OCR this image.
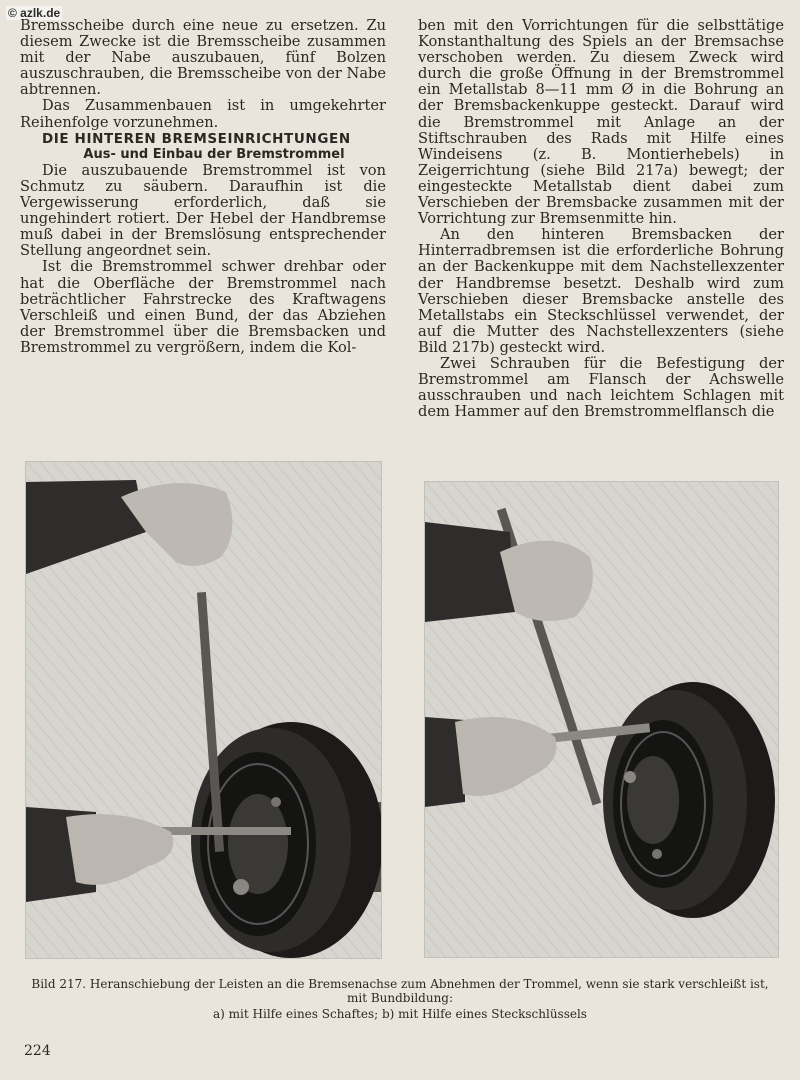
© azlk.de

Bremsscheibe durch eine neue zu ersetzen. Zu diesem Zwecke ist die Bremsscheibe zusammen mit der Nabe auszubauen, fünf Bolzen auszuschrauben, die Bremsscheibe von der Nabe abtrennen.

Das Zusammenbauen ist in umgekehrter Reihenfolge vorzunehmen.

DIE HINTEREN BREMSEINRICHTUNGEN

Aus- und Einbau der Bremstrommel

Die auszubauende Bremstrommel ist von Schmutz zu säubern. Daraufhin ist die Vergewisserung erforderlich, daß sie ungehindert rotiert. Der Hebel der Handbremse muß dabei in der Bremslösung entsprechender Stellung angeordnet sein.

Ist die Bremstrommel schwer drehbar oder hat die Oberfläche der Bremstrommel nach beträchtlicher Fahrstrecke des Kraftwagens Verschleiß und einen Bund, der das Abziehen der Bremstrommel über die Bremsbacken und Bremstrommel zu vergrößern, indem die Kol-

ben mit den Vorrichtungen für die selbsttätige Konstanthaltung des Spiels an der Bremsachse verschoben werden. Zu diesem Zweck wird durch die große Öffnung in der Bremstrommel ein Metallstab 8—11 mm Ø in die Bohrung an der Bremsbackenkuppe gesteckt. Darauf wird die Bremstrommel mit Anlage an der Stiftschrauben des Rads mit Hilfe eines Windeisens (z. B. Montierhebels) in Zeigerrichtung (siehe Bild 217a) bewegt; der eingesteckte Metallstab dient dabei zum Verschieben der Bremsbacke zusammen mit der Vorrichtung zur Bremsenmitte hin.

An den hinteren Bremsbacken der Hinterradbremsen ist die erforderliche Bohrung an der Backenkuppe mit dem Nachstellexzenter der Handbremse besetzt. Deshalb wird zum Verschieben dieser Bremsbacke anstelle des Metallstabs ein Steckschlüssel verwendet, der auf die Mutter des Nachstellexzenters (siehe Bild 217b) gesteckt wird.

Zwei Schrauben für die Befestigung der Bremstrommel am Flansch der Achswelle ausschrauben und nach leichtem Schlagen mit dem Hammer auf den Bremstrommelflansch die

Bild 217. Heranschiebung der Leisten an die Bremsenachse zum Abnehmen der Trommel, wenn sie stark verschleißt ist, mit Bundbildung:
a) mit Hilfe eines Schaftes; b) mit Hilfe eines Steckschlüssels
224
